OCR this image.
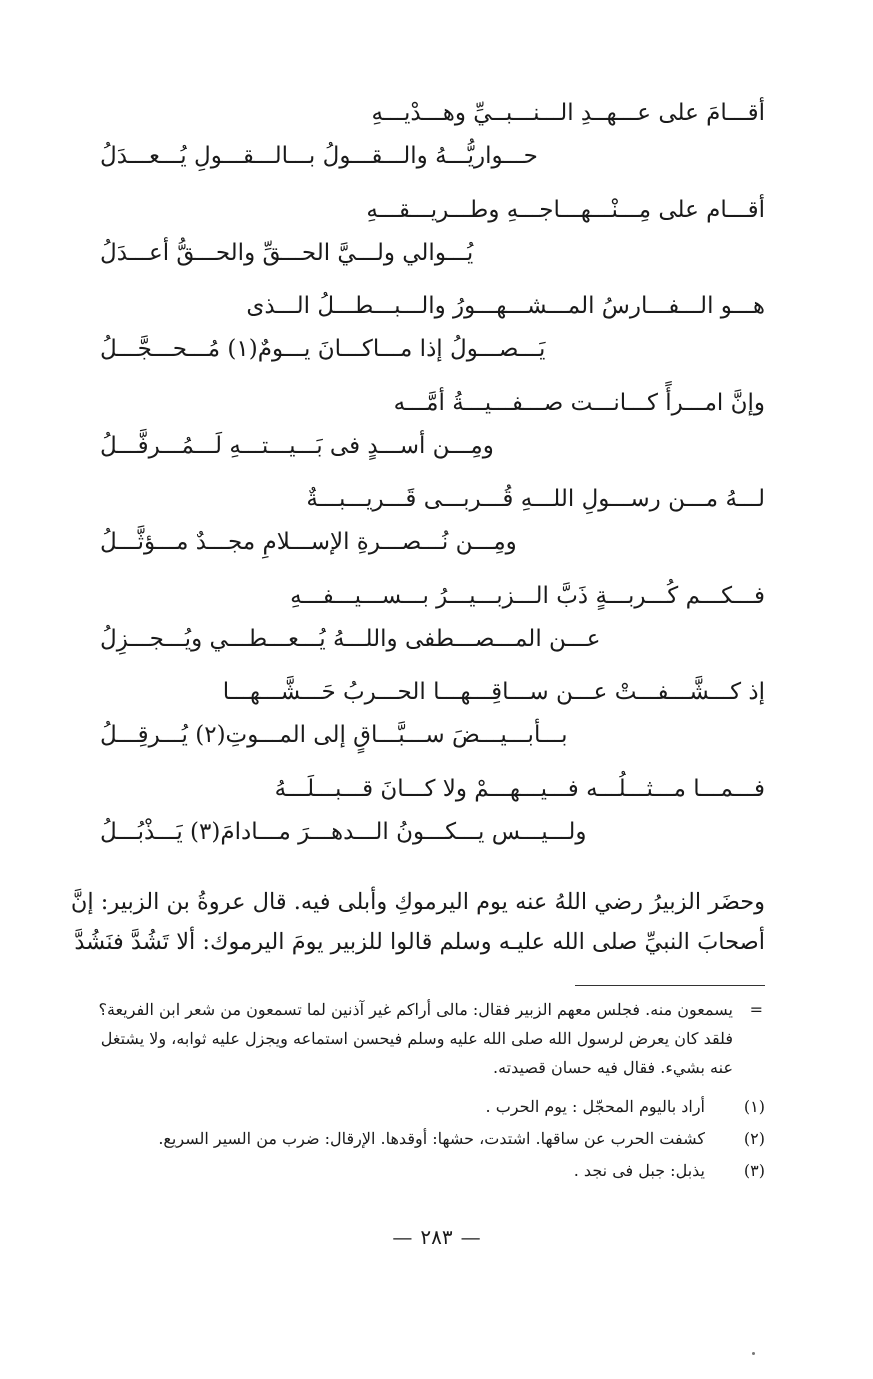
أقـــامَ على عـــهــدِ الـــنـــبــيِّ وهـــدْيـــهِ
حـــواريُّـــهُ والـــقـــولُ بـــالـــقـــولِ يُـــعـــدَلُ
أقـــام على مِـــنْـــهـــاجـــهِ وطـــريـــقـــهِ
يُـــوالي ولـــيَّ الحـــقِّ والحـــقُّ أعـــدَلُ
هـــو الـــفـــارسُ المـــشـــهـــورُ والـــبـــطـــلُ الـــذى
يَـــصـــولُ إذا مـــاكـــانَ يـــومٌ(١) مُـــحـــجَّـــلُ
وإنَّ امـــرأً كـــانـــت صـــفـــيـــةُ أمَّـــه
ومِـــن أســـدٍ فى بَـــيـــتـــهِ لَـــمُـــرفَّـــلُ
لـــهُ مـــن رســـولِ اللـــهِ قُـــربـــى قَـــريـــبـــةٌ
ومِـــن نُـــصـــرةِ الإســـلامِ مجـــدٌ مـــؤثَّـــلُ
فـــكـــم كُـــربـــةٍ ذَبَّ الـــزبـــيـــرُ بـــســـيـــفـــهِ
عـــن المـــصـــطفى واللـــهُ يُـــعـــطـــي ويُـــجـــزِلُ
إذ كـــشَّـــفـــتْ عـــن ســـاقِـــهـــا الحـــربُ حَـــشَّـــهـــا
بـــأبـــيـــضَ ســـبَّـــاقٍ إلى المـــوتِ(٢) يُـــرقِـــلُ
فـــمـــا مـــثـــلُـــه فـــيـــهـــمْ ولا كـــانَ قـــبـــلَـــهُ
ولـــيـــس يـــكـــونُ الـــدهـــرَ مـــادامَ(٣) يَـــذْبُـــلُ

وحضَر الزبيرُ رضي اللهُ عنه يوم اليرموكِ وأبلى فيه. قال عروةُ بن الزبير: إنَّ

أصحابَ النبيِّ صلى الله عليـه وسلم قالوا للزبير يومَ اليرموك: ألا تَشُدَّ فنَشُدَّ

=

يسمعون منه. فجلس معهم الزبير فقال: مالى أراكم غير آذنين لما تسمعون من شعر ابن الفريعة؟

فلقد كان يعرض لرسول الله صلى الله عليه وسلم فيحسن استماعه ويجزل عليه ثوابه، ولا يشتغل

عنه بشيء. فقال فيه حسان قصيدته.

(١)
أراد باليوم المحجّل : يوم الحرب .
(٢)
كشفت الحرب عن ساقها. اشتدت، حشها: أوقدها. الإرقال: ضرب من السير السريع.
(٣)
يذبل: جبل فى نجد .
—٢٨٣—
